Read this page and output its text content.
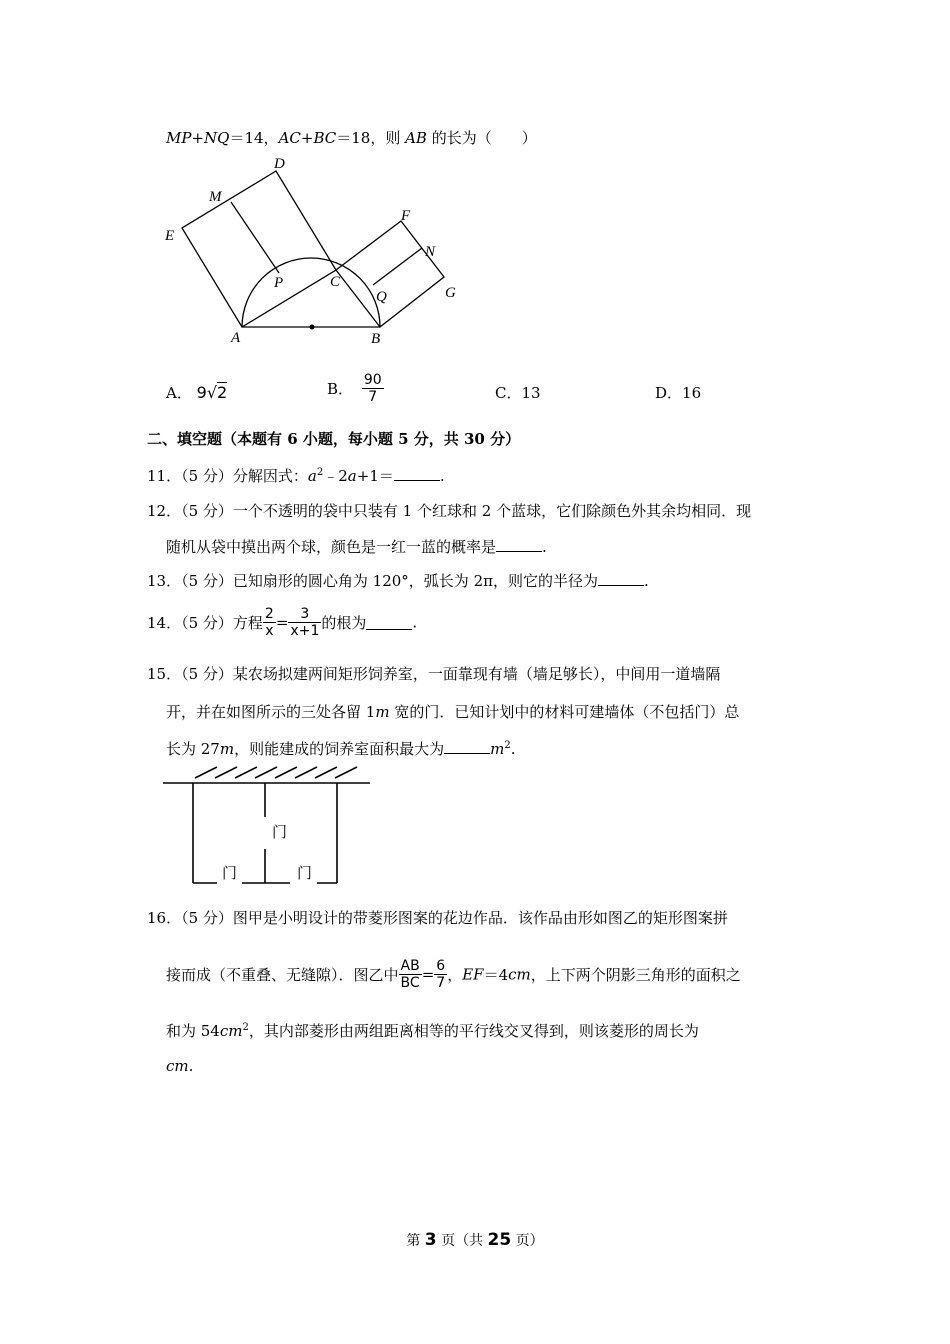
MP+NQ＝14，AC+BC＝18，则 AB 的长为（　　）
D
M
E
F
N
P	C
Q	G
A	B
A． 9√2	B． $\frac{90}{7}$	C．13	D．16
二、填空题（本题有 6 小题，每小题 5 分，共 30 分）
11．（5 分）分解因式：$a^2﹣2a+1=$	.
12．（5 分）一个不透明的袋中只装有 1 个红球和 2 个蓝球，它们除颜色外其余均相同．现
随机从袋中摸出两个球，颜色是一红一蓝的概率是	.
13．（5 分）已知扇形的圆心角为 120°，弧长为 2π，则它的半径为	.
14．（5 分）方程 $\frac{2}{x} = \frac{3}{x+1}$ 的根为	.
15．（5 分）某农场拟建两间矩形饲养室，一面靠现有墙（墙足够长），中间用一道墙隔
开，并在如图所示的三处各留 1m 宽的门．已知计划中的材料可建墙体（不包括门）总
长为 27m，则能建成的饲养室面积最大为	$m^2$.
门
门	门
16．（5 分）图甲是小明设计的带菱形图案的花边作品．该作品由形如图乙的矩形图案拼
接而成（不重叠、无缝隙）．图乙中 $\frac{AB}{BC} = \frac{6}{7}$ ，EF＝4cm，上下两个阴影三角形的面积之
和为 $54cm^2$，其内部菱形由两组距离相等的平行线交叉得到，则该菱形的周长为
cm.
第 3 页（共 25 页）
